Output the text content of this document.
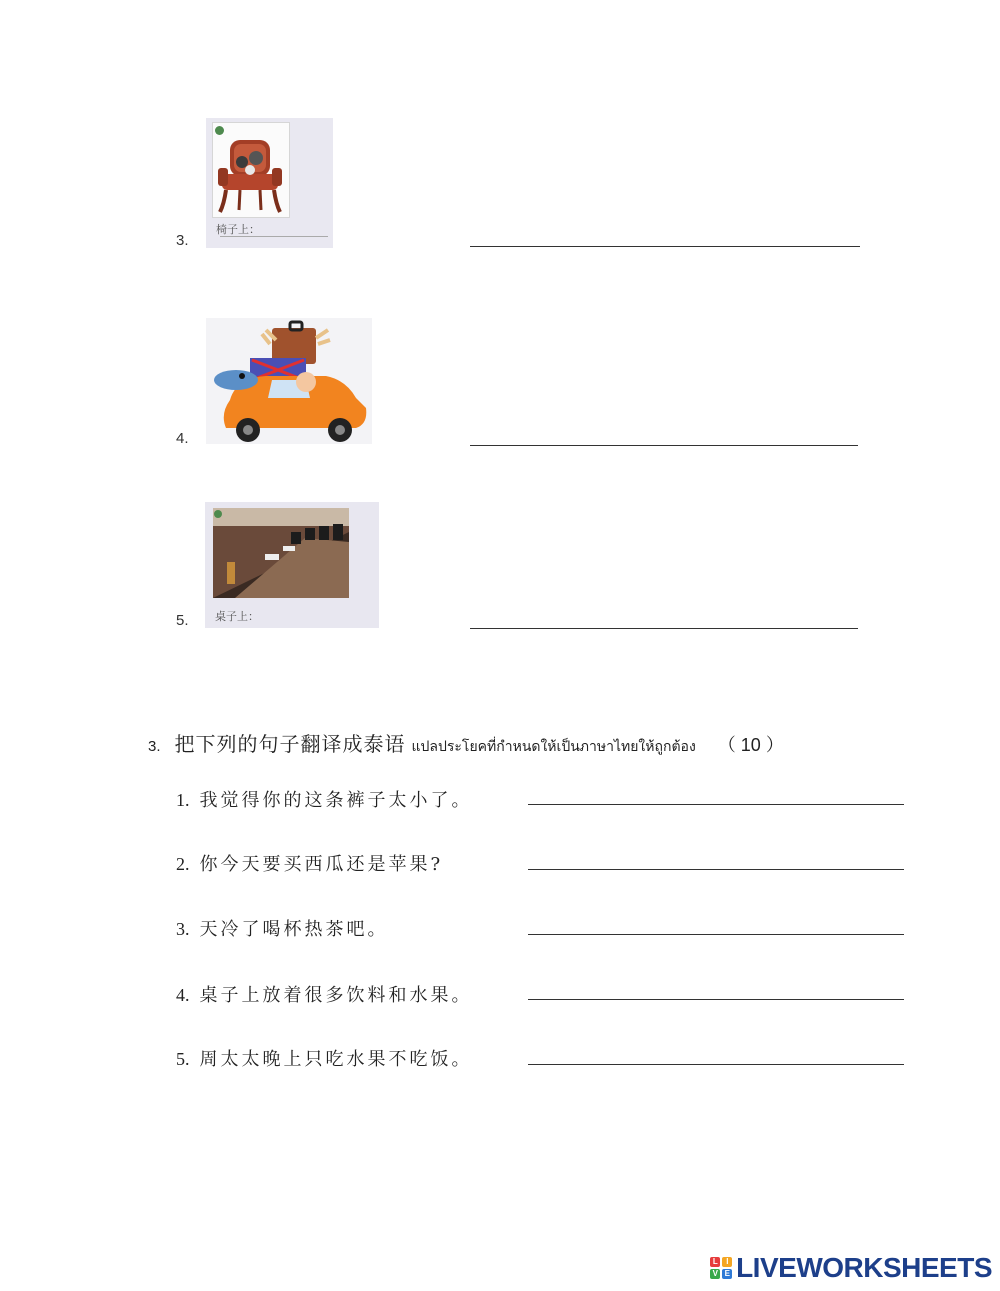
3.
椅子上：
4.
5. 桌子上：
3. 把下列的句子翻译成泰语 แปลประโยคที่กำหนดให้เป็นภาษาไทยให้ถูกต้อง （ 10 ）
1. 我觉得你的这条裤子太小了。
2. 你今天要买西瓜还是苹果?
3. 天冷了喝杯热茶吧。
4. 桌子上放着很多饮料和水果。
5. 周太太晚上只吃水果不吃饭。
L	I
V E LIVEWORKSHEETS
